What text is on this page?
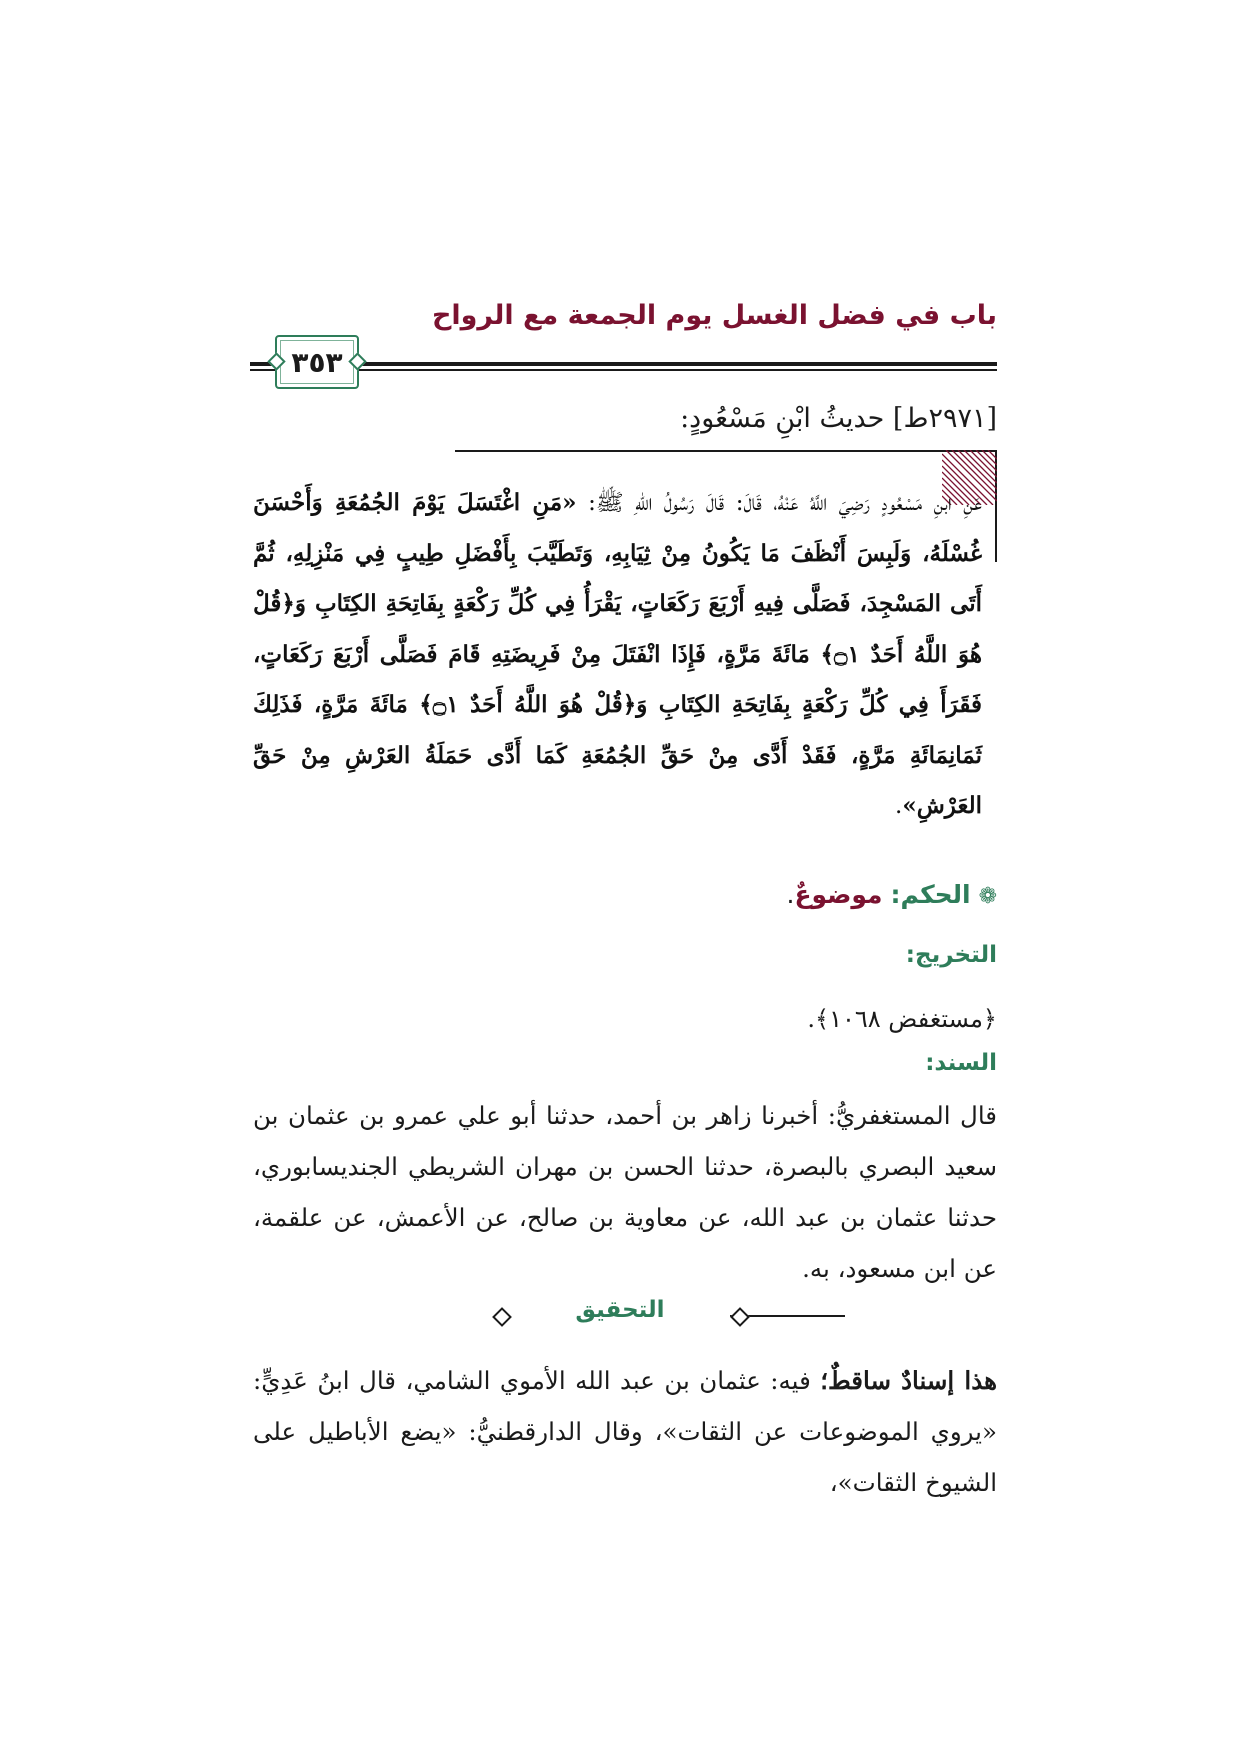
باب في فضل الغسل يوم الجمعة مع الرواح
٣٥٣
[٢٩٧١ط] حديثُ ابْنِ مَسْعُودٍ:
عَنِ ابنِ مَسْعُودٍ رَضِيَ اللَّهُ عَنْهُ، قَالَ: قَالَ رَسُولُ اللهِ ﷺ: «مَنِ اغْتَسَلَ يَوْمَ الجُمُعَةِ وَأَحْسَنَ غُسْلَهُ، وَلَبِسَ أَنْظَفَ مَا يَكُونُ مِنْ ثِيَابِهِ، وَتَطَيَّبَ بِأَفْضَلِ طِيبٍ فِي مَنْزِلِهِ، ثُمَّ أَتَى المَسْجِدَ، فَصَلَّى فِيهِ أَرْبَعَ رَكَعَاتٍ، يَقْرَأُ فِي كُلِّ رَكْعَةٍ بِفَاتِحَةِ الكِتَابِ وَ﴿قُلْ هُوَ اللَّهُ أَحَدٌ ۝١﴾ مَائَةَ مَرَّةٍ، فَإِذَا انْفَتَلَ مِنْ فَرِيضَتِهِ قَامَ فَصَلَّى أَرْبَعَ رَكَعَاتٍ، فَقَرَأَ فِي كُلِّ رَكْعَةٍ بِفَاتِحَةِ الكِتَابِ وَ﴿قُلْ هُوَ اللَّهُ أَحَدٌ ۝١﴾ مَائَةَ مَرَّةٍ، فَذَلِكَ ثَمَانِمَائَةِ مَرَّةٍ، فَقَدْ أَدَّى مِنْ حَقِّ الجُمُعَةِ كَمَا أَدَّى حَمَلَةُ العَرْشِ مِنْ حَقِّ العَرْشِ».
❁ الحكم: موضوعٌ.
التخريج:
﴿مستغفض ١٠٦٨﴾.
السند:
قال المستغفريُّ: أخبرنا زاهر بن أحمد، حدثنا أبو علي عمرو بن عثمان بن سعيد البصري بالبصرة، حدثنا الحسن بن مهران الشريطي الجنديسابوري، حدثنا عثمان بن عبد الله، عن معاوية بن صالح، عن الأعمش، عن علقمة، عن ابن مسعود، به.
التحقيق
هذا إسنادٌ ساقطٌ؛ فيه: عثمان بن عبد الله الأموي الشامي، قال ابنُ عَدِيٍّ: «يروي الموضوعات عن الثقات»، وقال الدارقطنيُّ: «يضع الأباطيل على الشيوخ الثقات»،
